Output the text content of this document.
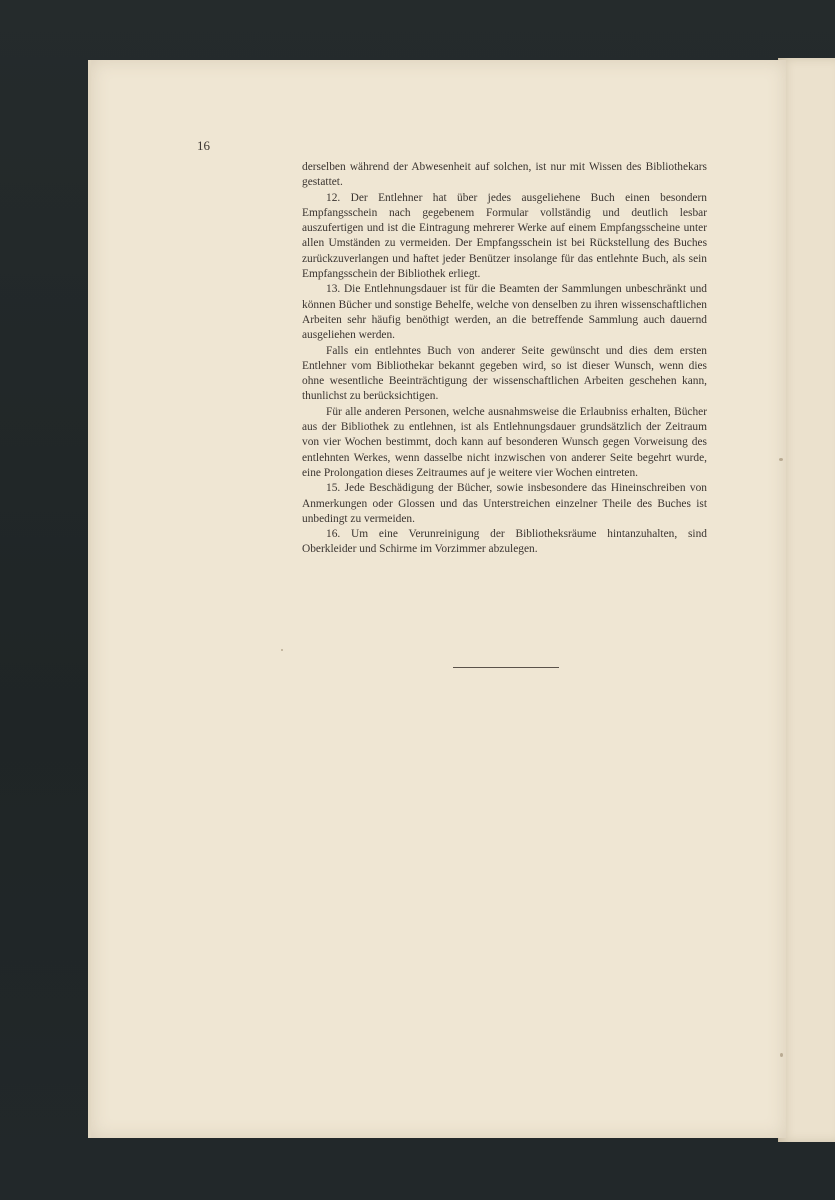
16

derselben während der Abwesenheit auf solchen, ist nur mit Wissen des Bibliothekars gestattet.

12. Der Entlehner hat über jedes ausgeliehene Buch einen besondern Empfangsschein nach gegebenem Formular vollständig und deutlich lesbar auszufertigen und ist die Eintragung mehrerer Werke auf einem Empfangsscheine unter allen Umständen zu vermeiden. Der Empfangsschein ist bei Rückstellung des Buches zurückzuverlangen und haftet jeder Benützer insolange für das entlehnte Buch, als sein Empfangsschein der Bibliothek erliegt.

13. Die Entlehnungsdauer ist für die Beamten der Sammlungen unbeschränkt und können Bücher und sonstige Behelfe, welche von denselben zu ihren wissenschaftlichen Arbeiten sehr häufig benöthigt werden, an die betreffende Sammlung auch dauernd ausgeliehen werden.

Falls ein entlehntes Buch von anderer Seite gewünscht und dies dem ersten Entlehner vom Bibliothekar bekannt gegeben wird, so ist dieser Wunsch, wenn dies ohne wesentliche Beeinträchtigung der wissenschaftlichen Arbeiten geschehen kann, thunlichst zu berücksichtigen.

Für alle anderen Personen, welche ausnahmsweise die Erlaubniss erhalten, Bücher aus der Bibliothek zu entlehnen, ist als Entlehnungsdauer grundsätzlich der Zeitraum von vier Wochen bestimmt, doch kann auf besonderen Wunsch gegen Vorweisung des entlehnten Werkes, wenn dasselbe nicht inzwischen von anderer Seite begehrt wurde, eine Prolongation dieses Zeitraumes auf je weitere vier Wochen eintreten.

15. Jede Beschädigung der Bücher, sowie insbesondere das Hineinschreiben von Anmerkungen oder Glossen und das Unterstreichen einzelner Theile des Buches ist unbedingt zu vermeiden.

16. Um eine Verunreinigung der Bibliotheksräume hintanzuhalten, sind Oberkleider und Schirme im Vorzimmer abzulegen.
